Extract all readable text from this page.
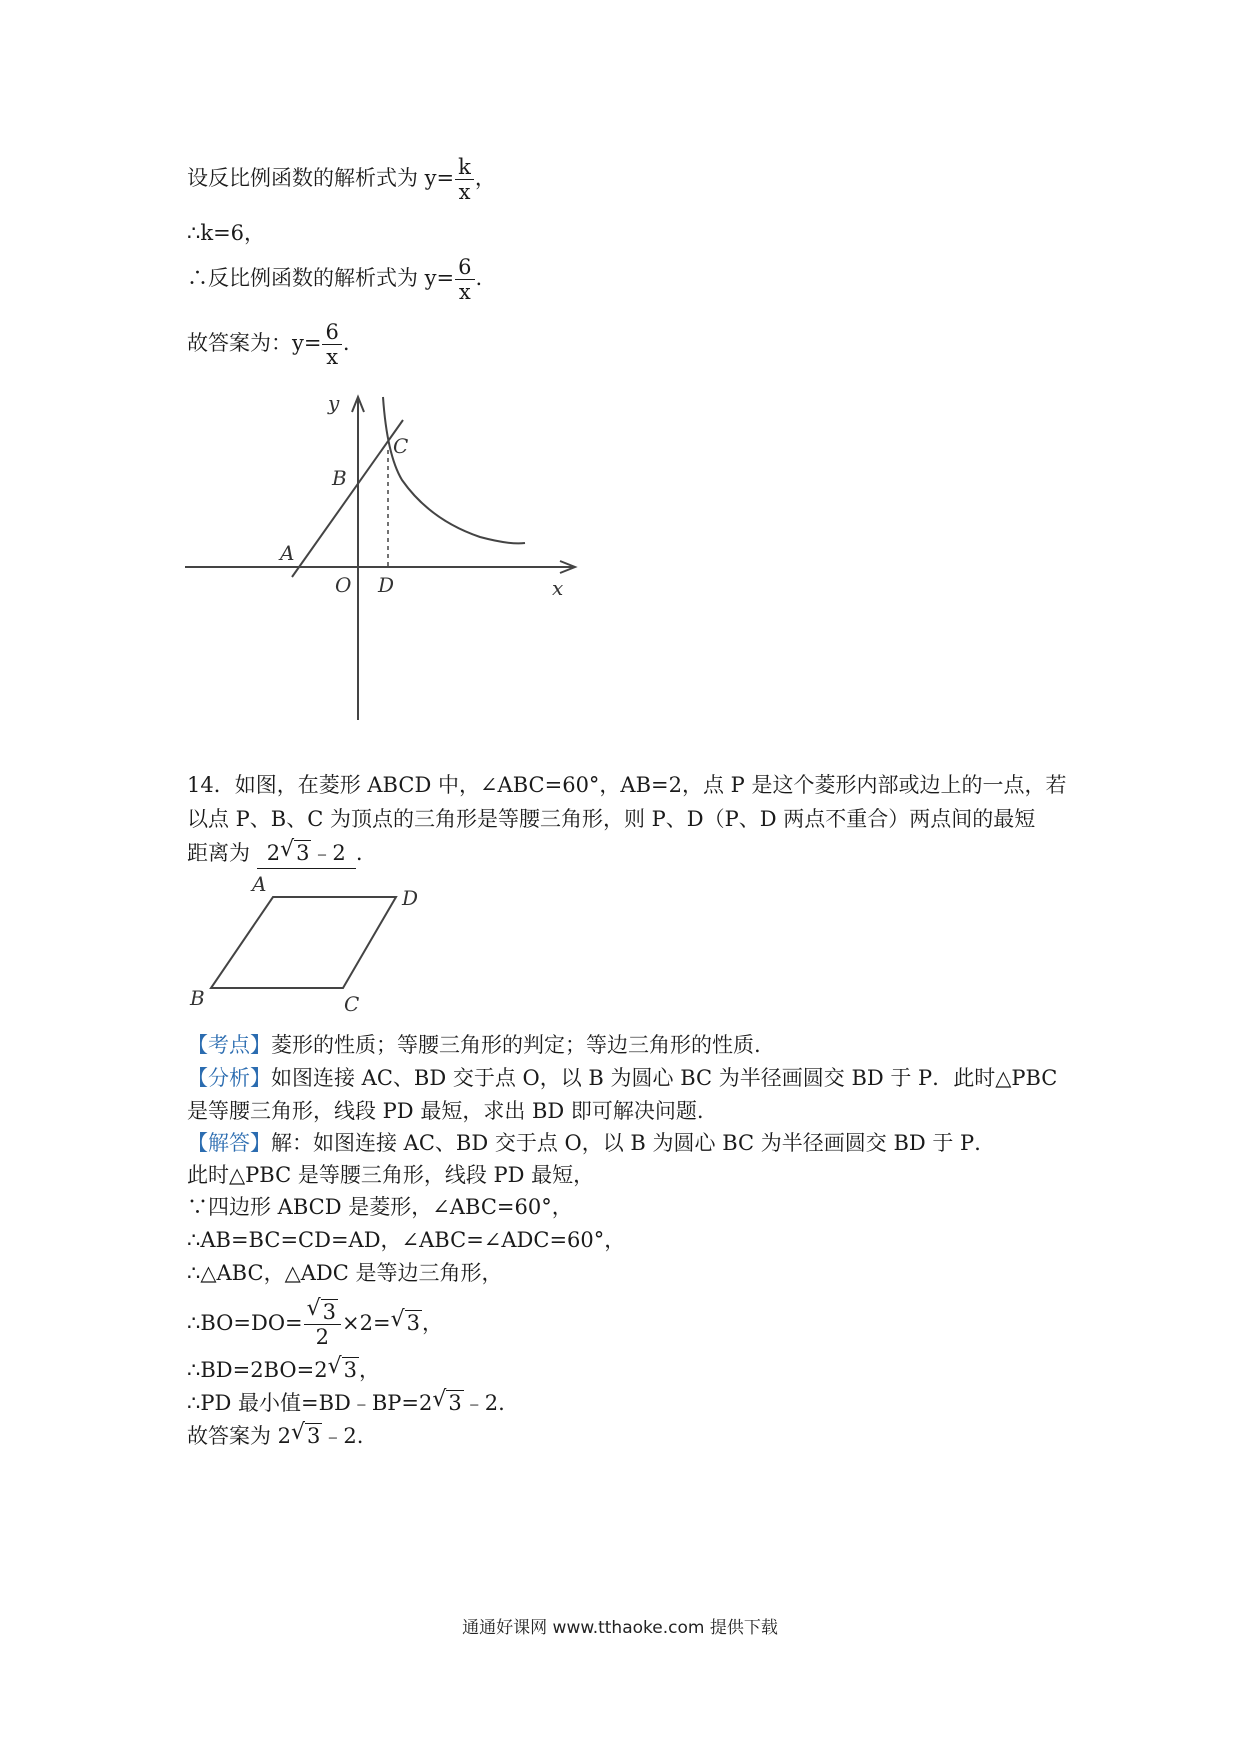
设反比例函数的解析式为 $y= \frac{k}{x}$ ，
∴k=6，
∴反比例函数的解析式为 $y= \frac{6}{x}$ .
故答案为：$y= \frac{6}{x}$ .
y
x
A
B
C
O D
14．如图，在菱形 ABCD 中，∠ABC=60°，AB=2，点 P 是这个菱形内部或边上的一点，若
以点 P、B、C 为顶点的三角形是等腰三角形，则 P、D（P、D 两点不重合）两点间的最短
距离为 2 √ 3﹣2 .
A
D
B	C
【考点】菱形的性质；等腰三角形的判定；等边三角形的性质.
【分析】如图连接 AC、BD 交于点 O，以 B 为圆心 BC 为半径画圆交 BD 于 P．此时△PBC
是等腰三角形，线段 PD 最短，求出 BD 即可解决问题.
【解答】解：如图连接 AC、BD 交于点 O，以 B 为圆心 BC 为半径画圆交 BD 于 P．
此时△PBC 是等腰三角形，线段 PD 最短，
∵四边形 ABCD 是菱形，∠ABC=60°，
∴AB=BC=CD=AD，∠ABC=∠ADC=60°，
∴△ABC，△ADC 是等边三角形，
∴BO=DO= $\frac{√ 3}{2} \times 2=$ √ 3，
∴BD=2BO=2 √ 3，
∴PD 最小值=BD﹣BP=2 √ 3﹣2.
故答案为 2 √ 3﹣2.
通通好课网 www.tthaoke.com 提供下载
